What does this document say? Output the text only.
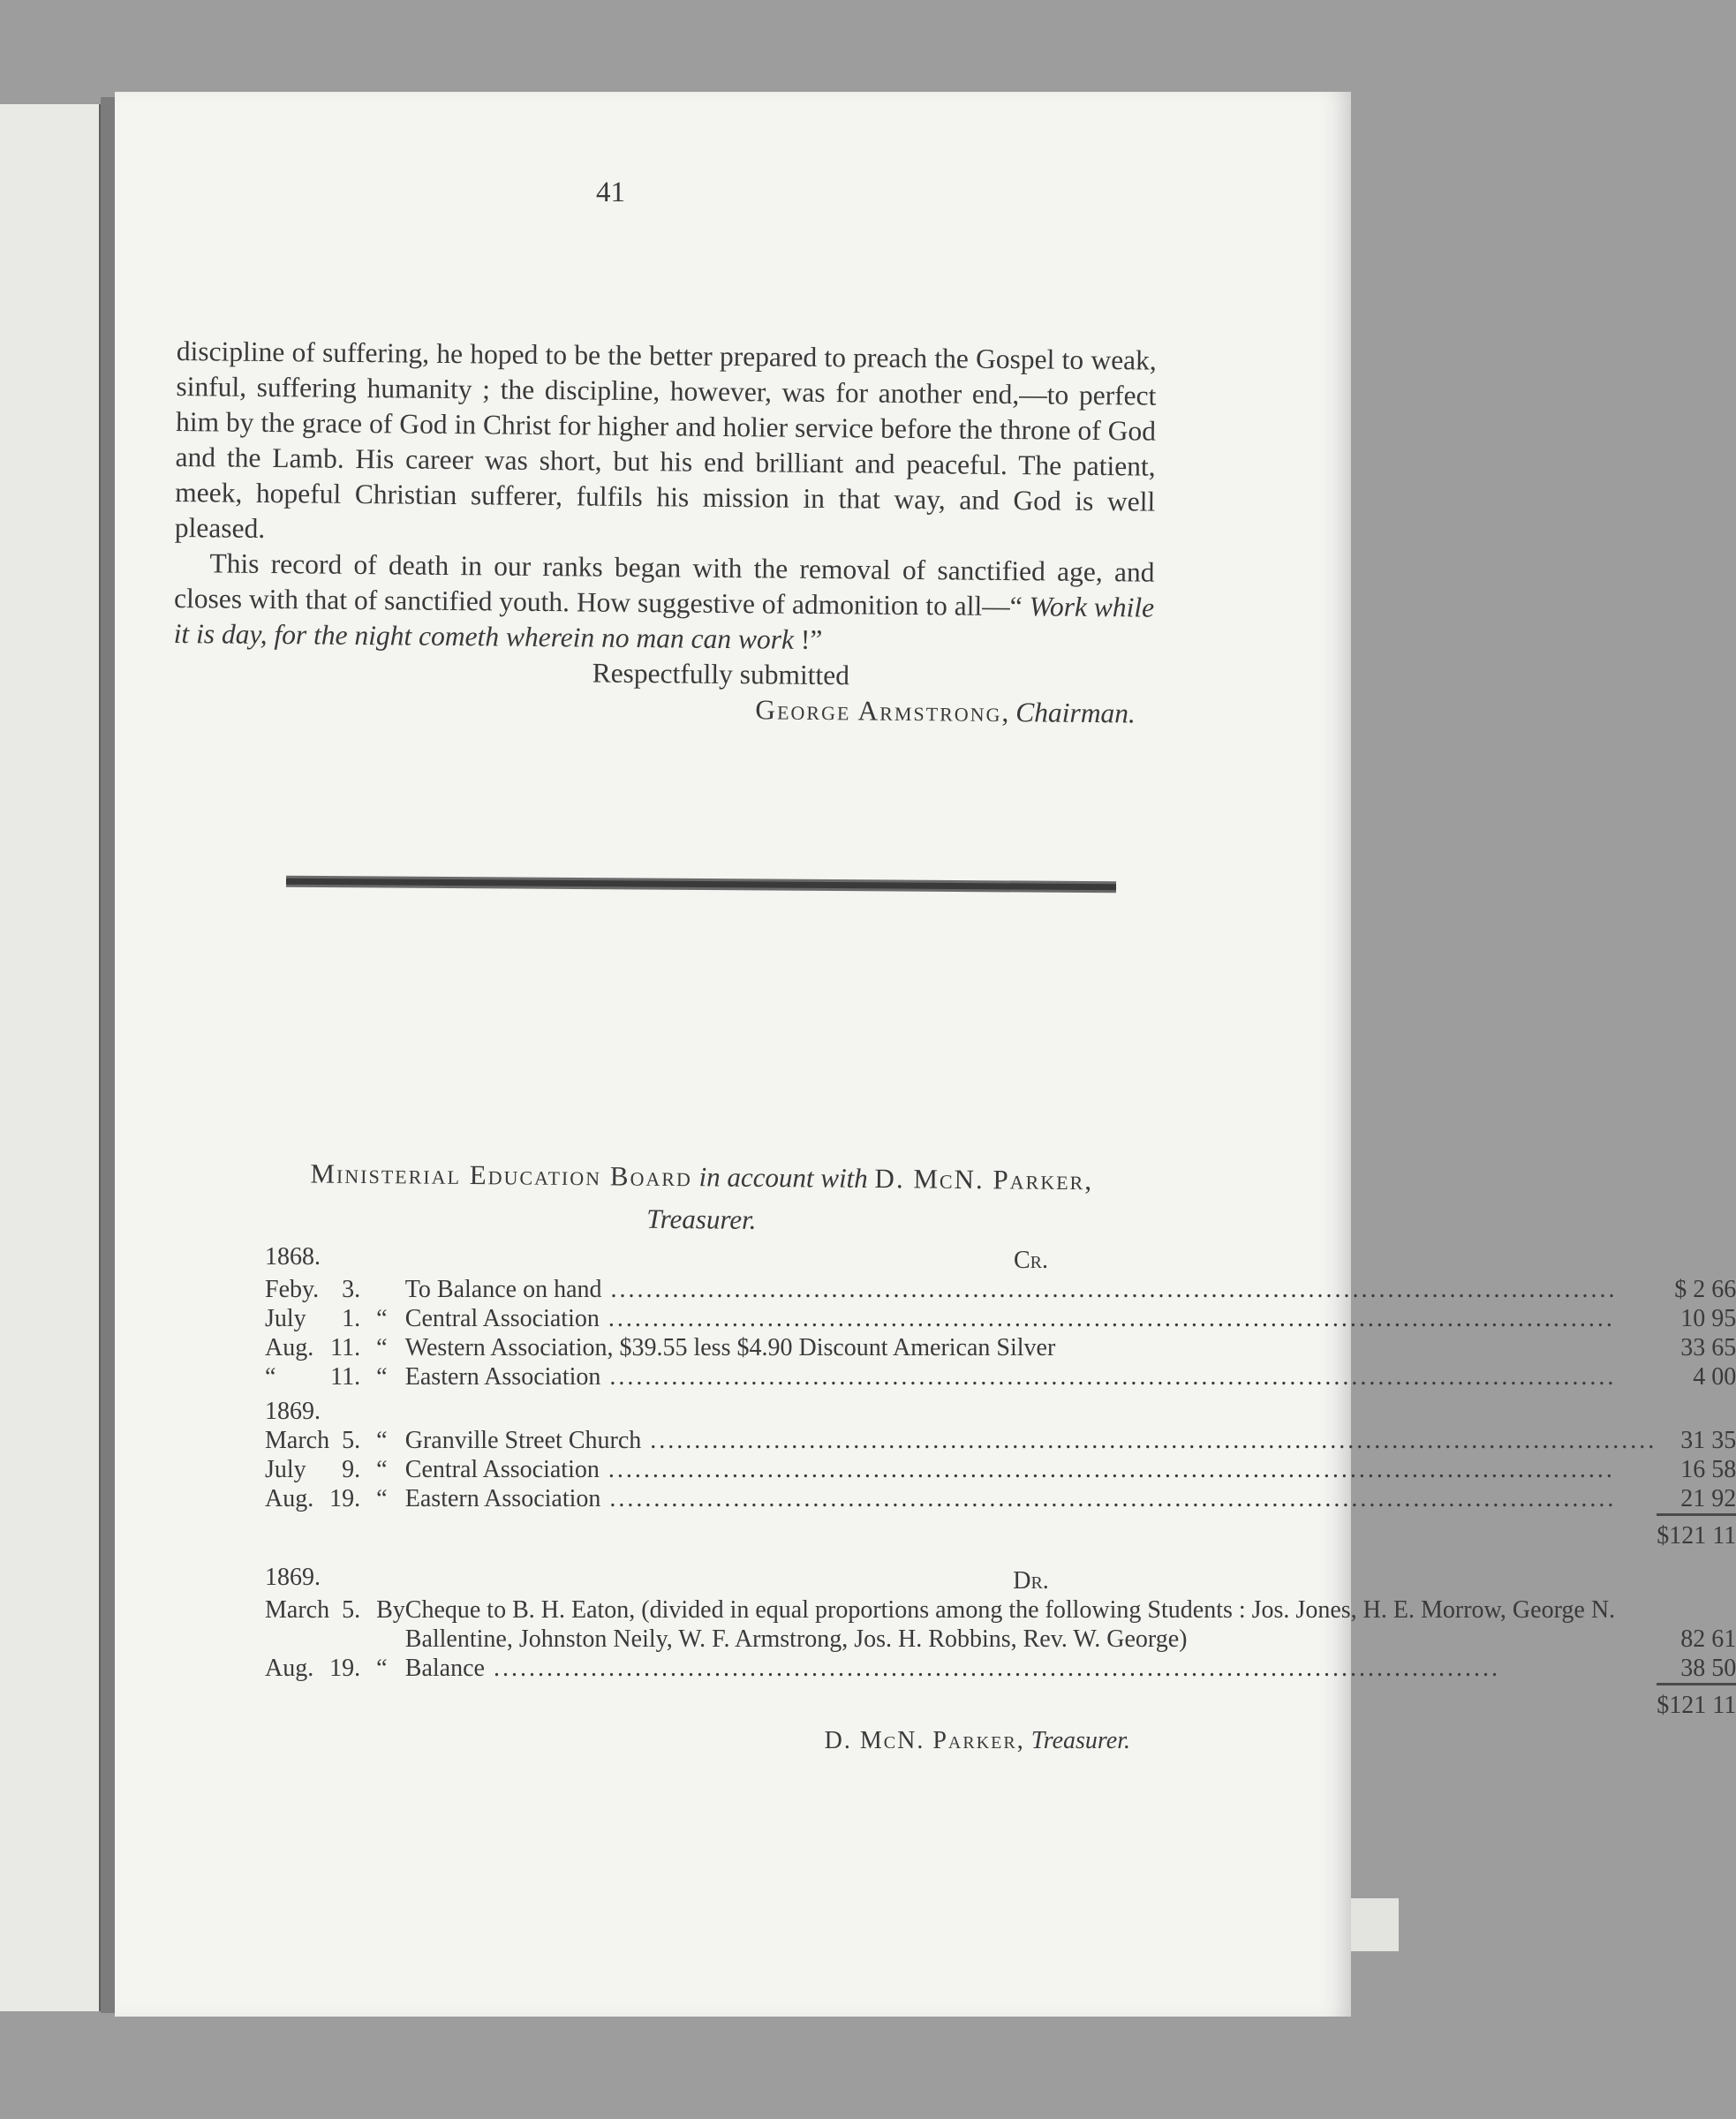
41

discipline of suffering, he hoped to be the better prepared to preach the Gospel to weak, sinful, suffering humanity ; the discipline, however, was for another end,—to perfect him by the grace of God in Christ for higher and holier service before the throne of God and the Lamb. His career was short, but his end brilliant and peaceful. The patient, meek, hopeful Christian sufferer, fulfils his mission in that way, and God is well pleased.

This record of death in our ranks began with the removal of sanctified age, and closes with that of sanctified youth. How suggestive of admonition to all—“ Work while it is day, for the night cometh wherein no man can work !”

Respectfully submitted

George Armstrong, Chairman.

Ministerial Education Board in account with D. McN. Parker, Treasurer.

1868.			Cr.	
Feby.	3.		To Balance on hand .....	$ 2 66
July	1.	“	Central Association .....	10 95
Aug.	11.	“	Western Association, $39.55 less $4.90 Discount American Silver	33 65
“	11.	“	Eastern Association .....	4 00
1869.				
March	5.	“	Granville Street Church .....	31 35
July	9.	“	Central Association .....	16 58
Aug.	19.	“	Eastern Association .....	21 92
				$121 11

1869.			Dr.	
March	5.	By	Cheque to B. H. Eaton, (divided in equal proportions among the following Students : Jos. Jones, H. E. Morrow, George N. Ballentine, Johnston Neily, W. F. Armstrong, Jos. H. Robbins, Rev. W. George)	82 61
Aug.	19.	“	Balance .....	38 50
				$121 11

D. McN. Parker, Treasurer.
